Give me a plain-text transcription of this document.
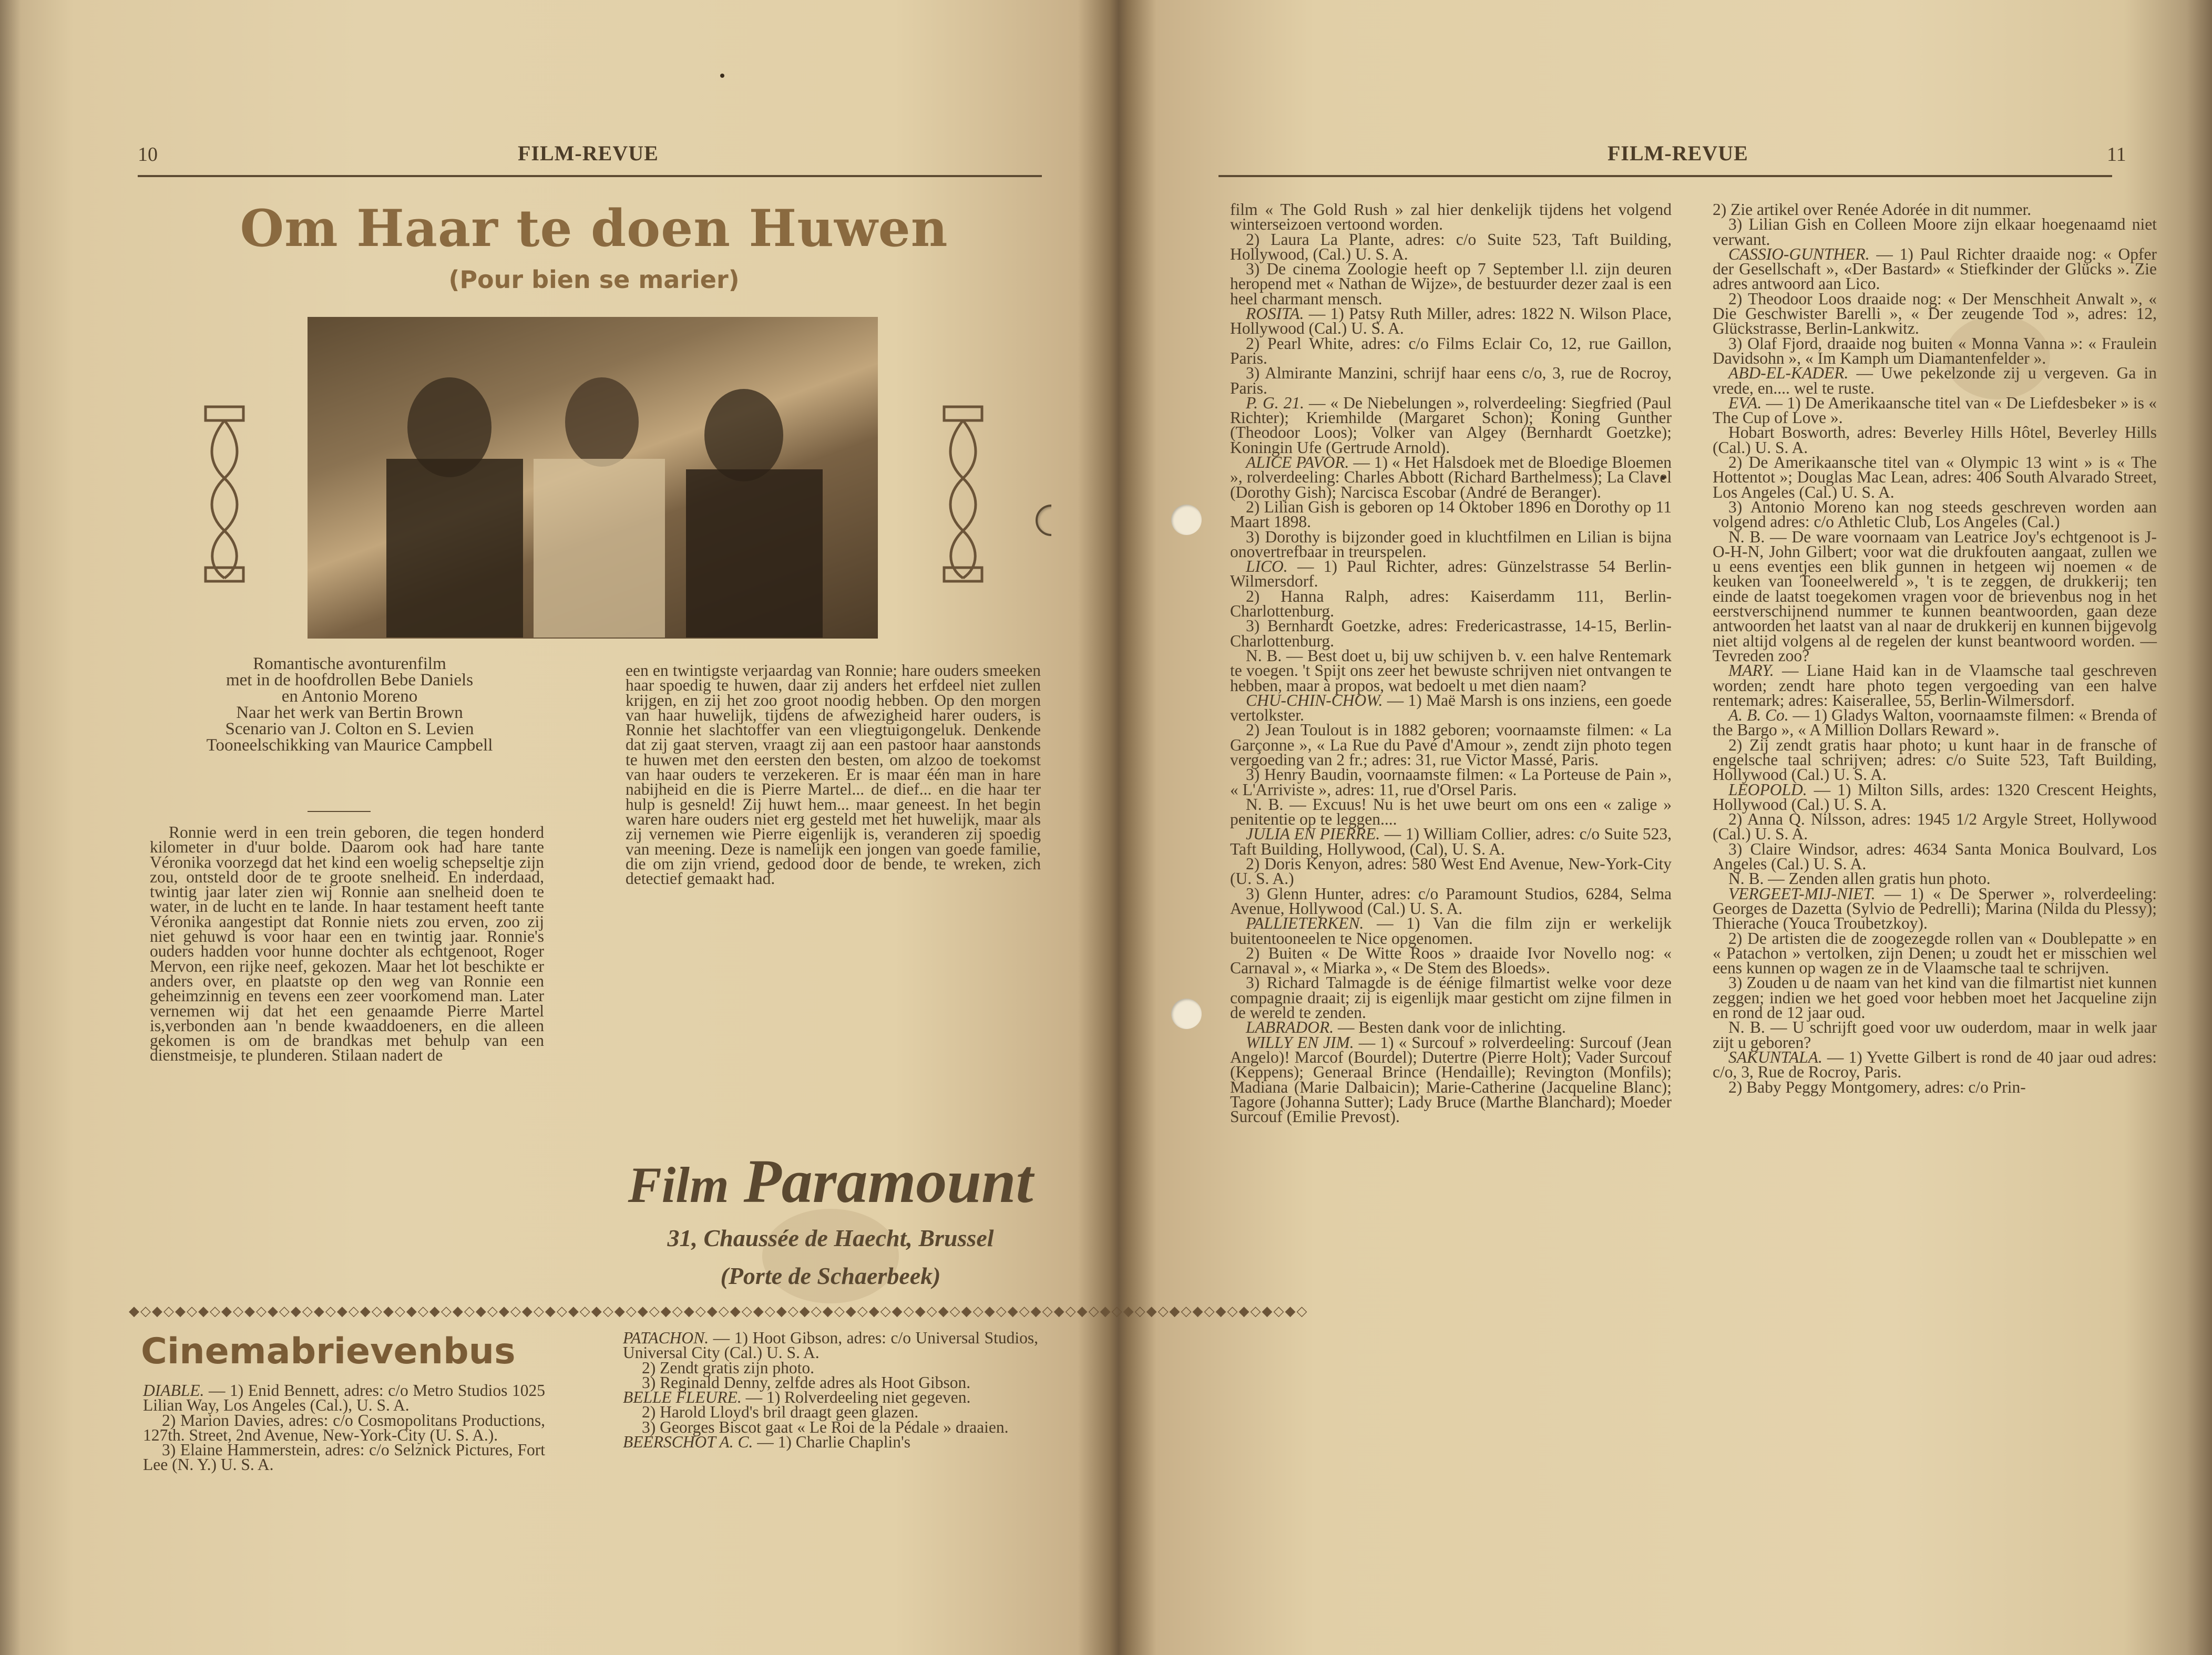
10	FILM-REVUE
Om Haar te doen Huwen
(Pour bien se marier)
Romantische avonturenfilm
met in de hoofdrollen Bebe Daniels
en Antonio Moreno
Naar het werk van Bertin Brown
Scenario van J. Colton en S. Levien
Tooneelschikking van Maurice Campbell

Ronnie werd in een trein geboren, die tegen honderd kilometer in d'uur bolde. Daarom ook had hare tante Véronika voorzegd dat het kind een woelig schepseltje zijn zou, ontsteld door de te groote snelheid. En inderdaad, twintig jaar later zien wij Ronnie aan snelheid doen te water, in de lucht en te lande. In haar testament heeft tante Véronika aangestipt dat Ronnie niets zou erven, zoo zij niet gehuwd is voor haar een en twintig jaar. Ronnie's ouders hadden voor hunne dochter als echtgenoot, Roger Mervon, een rijke neef, gekozen. Maar het lot beschikte er anders over, en plaatste op den weg van Ronnie een geheimzinnig en tevens een zeer voorkomend man. Later vernemen wij dat het een genaamde Pierre Martel is,verbonden aan 'n bende kwaaddoeners, en die alleen gekomen is om de brandkas met behulp van een dienstmeisje, te plunderen. Stilaan nadert de

een en twintigste verjaardag van Ronnie; hare ouders smeeken haar spoedig te huwen, daar zij anders het erfdeel niet zullen krijgen, en zij het zoo groot noodig hebben. Op den morgen van haar huwelijk, tijdens de afwezigheid harer ouders, is Ronnie het slachtoffer van een vliegtuigongeluk. Denkende dat zij gaat sterven, vraagt zij aan een pastoor haar aanstonds te huwen met den eersten den besten, om alzoo de toekomst van haar ouders te verzekeren. Er is maar één man in hare nabijheid en die is Pierre Martel... de dief... en die haar ter hulp is gesneld! Zij huwt hem... maar geneest. In het begin waren hare ouders niet erg gesteld met het huwelijk, maar als zij vernemen wie Pierre eigenlijk is, veranderen zij spoedig van meening. Deze is namelijk een jongen van goede familie, die om zijn vriend, gedood door de bende, te wreken, zich detectief gemaakt had.

Film Paramount
31, Chaussée de Haecht, Brussel
(Porte de Schaerbeek)
◆◇◆◇◆◇◆◇◆◇◆◇◆◇◆◇◆◇◆◇◆◇◆◇◆◇◆◇◆◇◆◇◆◇◆◇◆◇◆◇◆◇◆◇◆◇◆◇◆◇◆◇◆◇◆◇◆◇◆◇◆◇◆◇◆◇◆◇◆◇◆◇◆◇◆◇◆◇◆◇◆◇◆◇◆◇◆◇◆◇◆◇◆◇◆◇◆◇◆◇◆◇
Cinemabrievenbus

DIABLE. — 1) Enid Bennett, adres: c/o Metro Studios 1025 Lilian Way, Los Angeles (Cal.), U. S. A.

2) Marion Davies, adres: c/o Cosmopolitans Productions, 127th. Street, 2nd Avenue, New-York-City (U. S. A.).

3) Elaine Hammerstein, adres: c/o Selznick Pictures, Fort Lee (N. Y.) U. S. A.

PATACHON. — 1) Hoot Gibson, adres: c/o Universal Studios, Universal City (Cal.) U. S. A.

2) Zendt gratis zijn photo.

3) Reginald Denny, zelfde adres als Hoot Gibson.

BELLE FLEURE. — 1) Rolverdeeling niet gegeven.

2) Harold Lloyd's bril draagt geen glazen.

3) Georges Biscot gaat « Le Roi de la Pédale » draaien.

BEERSCHOT A. C. — 1) Charlie Chaplin's

FILM-REVUE	11

film « The Gold Rush » zal hier denkelijk tijdens het volgend winterseizoen vertoond worden.

2) Laura La Plante, adres: c/o Suite 523, Taft Building, Hollywood, (Cal.) U. S. A.

3) De cinema Zoologie heeft op 7 September l.l. zijn deuren heropend met « Nathan de Wijze», de bestuurder dezer zaal is een heel charmant mensch.

ROSITA. — 1) Patsy Ruth Miller, adres: 1822 N. Wilson Place, Hollywood (Cal.) U. S. A.

2) Pearl White, adres: c/o Films Eclair Co, 12, rue Gaillon, Paris.

3) Almirante Manzini, schrijf haar eens c/o, 3, rue de Rocroy, Paris.

P. G. 21. — « De Niebelungen », rolverdeeling: Siegfried (Paul Richter); Kriemhilde (Margaret Schon); Koning Gunther (Theodoor Loos); Volker van Algey (Bernhardt Goetzke); Koningin Ufe (Gertrude Arnold).

ALICE PAVOR. — 1) « Het Halsdoek met de Bloedige Bloemen », rolverdeeling: Charles Abbott (Richard Barthelmess); La Clavel (Dorothy Gish); Narcisca Escobar (André de Beranger).

2) Lilian Gish is geboren op 14 Oktober 1896 en Dorothy op 11 Maart 1898.

3) Dorothy is bijzonder goed in kluchtfilmen en Lilian is bijna onovertrefbaar in treurspelen.

LICO. — 1) Paul Richter, adres: Günzelstrasse 54 Berlin-Wilmersdorf.

2) Hanna Ralph, adres: Kaiserdamm 111, Berlin-Charlottenburg.

3) Bernhardt Goetzke, adres: Fredericastrasse, 14-15, Berlin-Charlottenburg.

N. B. — Best doet u, bij uw schijven b. v. een halve Rentemark te voegen. 't Spijt ons zeer het bewuste schrijven niet ontvangen te hebben, maar à propos, wat bedoelt u met dien naam?

CHU-CHIN-CHOW. — 1) Maë Marsh is ons inziens, een goede vertolkster.

2) Jean Toulout is in 1882 geboren; voornaamste filmen: « La Garçonne », « La Rue du Pavé d'Amour », zendt zijn photo tegen vergoeding van 2 fr.; adres: 31, rue Victor Massé, Paris.

3) Henry Baudin, voornaamste filmen: « La Porteuse de Pain », « L'Arriviste », adres: 11, rue d'Orsel Paris.

N. B. — Excuus! Nu is het uwe beurt om ons een « zalige » penitentie op te leggen....

JULIA EN PIERRE. — 1) William Collier, adres: c/o Suite 523, Taft Building, Hollywood, (Cal), U. S. A.

2) Doris Kenyon, adres: 580 West End Avenue, New-York-City (U. S. A.)

3) Glenn Hunter, adres: c/o Paramount Studios, 6284, Selma Avenue, Hollywood (Cal.) U. S. A.

PALLIETERKEN. — 1) Van die film zijn er werkelijk buitentooneelen te Nice opgenomen.

2) Buiten « De Witte Roos » draaide Ivor Novello nog: « Carnaval », « Miarka », « De Stem des Bloeds».

3) Richard Talmagde is de éénige filmartist welke voor deze compagnie draait; zij is eigenlijk maar gesticht om zijne filmen in de wereld te zenden.

LABRADOR. — Besten dank voor de inlichting.

WILLY EN JIM. — 1) « Surcouf » rolverdeeling: Surcouf (Jean Angelo)! Marcof (Bourdel); Dutertre (Pierre Holt); Vader Surcouf (Keppens); Generaal Brince (Hendaille); Revington (Monfils); Madiana (Marie Dalbaicin); Marie-Catherine (Jacqueline Blanc); Tagore (Johanna Sutter); Lady Bruce (Marthe Blanchard); Moeder Surcouf (Emilie Prevost).

2) Zie artikel over Renée Adorée in dit nummer.

3) Lilian Gish en Colleen Moore zijn elkaar hoegenaamd niet verwant.

CASSIO-GUNTHER. — 1) Paul Richter draaide nog: « Opfer der Gesellschaft », «Der Bastard» « Stiefkinder der Glücks ». Zie adres antwoord aan Lico.

2) Theodoor Loos draaide nog: « Der Menschheit Anwalt », « Die Geschwister Barelli », « Der zeugende Tod », adres: 12, Glückstrasse, Berlin-Lankwitz.

3) Olaf Fjord, draaide nog buiten « Monna Vanna »: « Fraulein Davidsohn », « Im Kamph um Diamantenfelder ».

ABD-EL-KADER. — Uwe pekelzonde zij u vergeven. Ga in vrede, en.... wel te ruste.

EVA. — 1) De Amerikaansche titel van « De Liefdesbeker » is « The Cup of Love ».

Hobart Bosworth, adres: Beverley Hills Hôtel, Beverley Hills (Cal.) U. S. A.

2) De Amerikaansche titel van « Olympic 13 wint » is « The Hottentot »; Douglas Mac Lean, adres: 406 South Alvarado Street, Los Angeles (Cal.) U. S. A.

3) Antonio Moreno kan nog steeds geschreven worden aan volgend adres: c/o Athletic Club, Los Angeles (Cal.)

N. B. — De ware voornaam van Leatrice Joy's echtgenoot is J-O-H-N, John Gilbert; voor wat die drukfouten aangaat, zullen we u eens eventjes een blik gunnen in hetgeen wij noemen « de keuken van Tooneelwereld », 't is te zeggen, de drukkerij; ten einde de laatst toegekomen vragen voor de brievenbus nog in het eerstverschijnend nummer te kunnen beantwoorden, gaan deze antwoorden het laatst van al naar de drukkerij en kunnen bijgevolg niet altijd volgens al de regelen der kunst beantwoord worden. — Tevreden zoo?

MARY. — Liane Haid kan in de Vlaamsche taal geschreven worden; zendt hare photo tegen vergoeding van een halve rentemark; adres: Kaiserallee, 55, Berlin-Wilmersdorf.

A. B. Co. — 1) Gladys Walton, voornaamste filmen: « Brenda of the Bargo », « A Million Dollars Reward ».

2) Zij zendt gratis haar photo; u kunt haar in de fransche of engelsche taal schrijven; adres: c/o Suite 523, Taft Building, Hollywood (Cal.) U. S. A.

LEOPOLD. — 1) Milton Sills, ardes: 1320 Crescent Heights, Hollywood (Cal.) U. S. A.

2) Anna Q. Nilsson, adres: 1945 1/2 Argyle Street, Hollywood (Cal.) U. S. A.

3) Claire Windsor, adres: 4634 Santa Monica Boulvard, Los Angeles (Cal.) U. S. A.

N. B. — Zenden allen gratis hun photo.

VERGEET-MIJ-NIET. — 1) « De Sperwer », rolverdeeling: Georges de Dazetta (Sylvio de Pedrelli); Marina (Nilda du Plessy); Thierache (Youca Troubetzkoy).

2) De artisten die de zoogezegde rollen van « Doublepatte » en « Patachon » vertolken, zijn Denen; u zoudt het er misschien wel eens kunnen op wagen ze in de Vlaamsche taal te schrijven.

3) Zouden u de naam van het kind van die filmartist niet kunnen zeggen; indien we het goed voor hebben moet het Jacqueline zijn en rond de 12 jaar oud.

N. B. — U schrijft goed voor uw ouderdom, maar in welk jaar zijt u geboren?

SAKUNTALA. — 1) Yvette Gilbert is rond de 40 jaar oud adres: c/o, 3, Rue de Rocroy, Paris.

2) Baby Peggy Montgomery, adres: c/o Prin-
